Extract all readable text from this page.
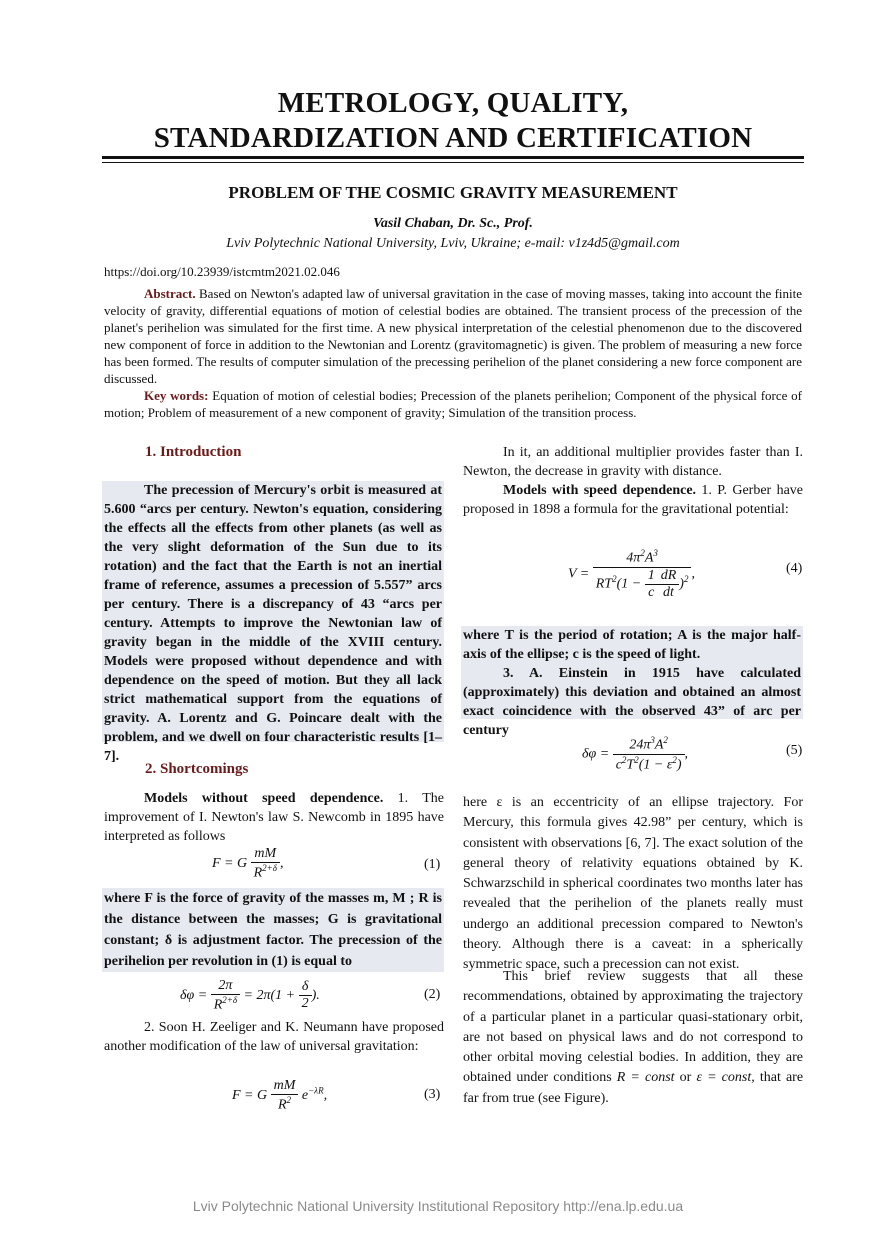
METROLOGY, QUALITY,
STANDARDIZATION AND CERTIFICATION
PROBLEM OF THE COSMIC GRAVITY MEASUREMENT
Vasil Chaban, Dr. Sc., Prof.
Lviv Polytechnic National University, Lviv, Ukraine; e-mail: v1z4d5@gmail.com
https://doi.org/10.23939/istcmtm2021.02.046

Abstract. Based on Newton's adapted law of universal gravitation in the case of moving masses, taking into account the finite velocity of gravity, differential equations of motion of celestial bodies are obtained. The transient process of the precession of the planet's perihelion was simulated for the first time. A new physical interpretation of the celestial phenomenon due to the discovered new component of force in addition to the Newtonian and Lorentz (gravitomagnetic) is given. The problem of measuring a new force has been formed. The results of computer simulation of the precessing perihelion of the planet considering a new force component are discussed.

Key words: Equation of motion of celestial bodies; Precession of the planets perihelion; Component of the physical force of motion; Problem of measurement of a new component of gravity; Simulation of the transition process.

1. Introduction
The precession of Mercury's orbit is measured at 5.600 “arcs per century. Newton's equation, considering the effects all the effects from other planets (as well as the very slight deformation of the Sun due to its rotation) and the fact that the Earth is not an inertial frame of reference, assumes a precession of 5.557” arcs per century. There is a discrepancy of 43 “arcs per century. Attempts to improve the Newtonian law of gravity began in the middle of the XVIII century. Models were proposed without dependence and with dependence on the speed of motion. But they all lack strict mathematical support from the equations of gravity. A. Lorentz and G. Poincare dealt with the problem, and we dwell on four characteristic results [1–7].
2. Shortcomings
Models without speed dependence. 1. The improvement of I. Newton's law S. Newcomb in 1895 have interpreted as follows
F = G $\frac{mM}{R^{2+\delta}}$ ,	(1)
where F is the force of gravity of the masses m, M ; R is the distance between the masses; G is gravitational constant; δ is adjustment factor. The precession of the perihelion per revolution in (1) is equal to
$\delta\varphi = \frac{2\pi}{R^{2+\delta}} = 2\pi(1 + \frac{\delta}{2}$ ).	(2)
2. Soon H. Zeeliger and K. Neumann have proposed another modification of the law of universal gravitation:
F = G $\frac{mM}{R^2} e^{-\lambda R}$,	(3)
In it, an additional multiplier provides faster than I. Newton, the decrease in gravity with distance.
Models with speed dependence. 1. P. Gerber have proposed in 1898 a formula for the gravitational potential:
$V = \frac{4\pi^2A^3}{RT^2(1 - \frac{1}{c} \frac{dR}{dt} )^2}$ ,	(4)
where T is the period of rotation; A is the major half-axis of the ellipse; c is the speed of light.
3. A. Einstein in 1915 have calculated (approximately) this deviation and obtained an almost exact coincidence with the observed 43” of arc per century
$\delta\varphi = \frac{24\pi^3A^2}{c^2T^2(1 - \varepsilon^2)}$ ,	(5)
here ε is an eccentricity of an ellipse trajectory. For Mercury, this formula gives 42.98” per century, which is consistent with observations [6, 7]. The exact solution of the general theory of relativity equations obtained by K. Schwarzschild in spherical coordinates two months later has revealed that the perihelion of the planets really must undergo an additional precession compared to Newton's theory. Although there is a caveat: in a spherically symmetric space, such a precession can not exist.
This brief review suggests that all these recommendations, obtained by approximating the trajectory of a particular planet in a particular quasi-stationary orbit, are not based on physical laws and do not correspond to other orbital moving celestial bodies. In addition, they are obtained under conditions R = const or ε = const, that are far from true (see Figure).
Lviv Polytechnic National University Institutional Repository http://ena.lp.edu.ua
